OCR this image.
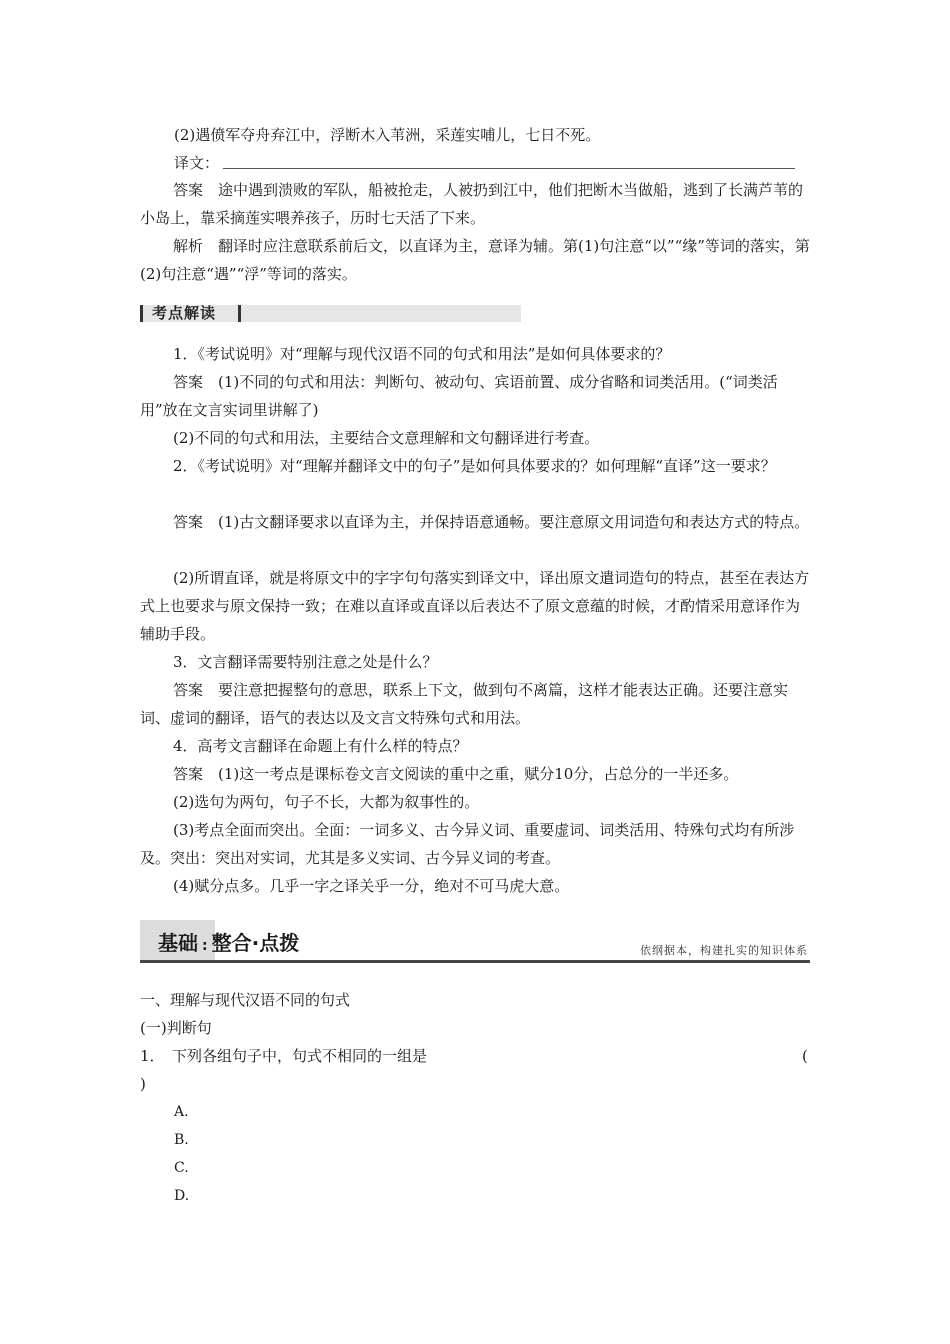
(2)遇偾军夺舟弃江中，浮断木入苇洲，采莲实哺儿，七日不死。
译文：
答案　途中遇到溃败的军队，船被抢走，人被扔到江中，他们把断木当做船，逃到了长满芦苇的小岛上，靠采摘莲实喂养孩子，历时七天活了下来。
解析　翻译时应注意联系前后文，以直译为主，意译为辅。第(1)句注意“以”“缘”等词的落实，第(2)句注意“遇”“浮”等词的落实。
考点解读
1．《考试说明》对“理解与现代汉语不同的句式和用法”是如何具体要求的？
答案　(1)不同的句式和用法：判断句、被动句、宾语前置、成分省略和词类活用。(“词类活用”放在文言实词里讲解了)
(2)不同的句式和用法，主要结合文意理解和文句翻译进行考查。
2．《考试说明》对“理解并翻译文中的句子”是如何具体要求的？如何理解“直译”这一要求？
答案　(1)古文翻译要求以直译为主，并保持语意通畅。要注意原文用词造句和表达方式的特点。
(2)所谓直译，就是将原文中的字字句句落实到译文中，译出原文遣词造句的特点，甚至在表达方式上也要求与原文保持一致；在难以直译或直译以后表达不了原文意蕴的时候，才酌情采用意译作为辅助手段。
3．文言翻译需要特别注意之处是什么？
答案　要注意把握整句的意思，联系上下文，做到句不离篇，这样才能表达正确。还要注意实词、虚词的翻译，语气的表达以及文言文特殊句式和用法。
4．高考文言翻译在命题上有什么样的特点？
答案　(1)这一考点是课标卷文言文阅读的重中之重，赋分10分，占总分的一半还多。
(2)选句为两句，句子不长，大都为叙事性的。
(3)考点全面而突出。全面：一词多义、古今异义词、重要虚词、词类活用、特殊句式均有所涉及。突出：突出对实词，尤其是多义实词、古今异义词的考查。
(4)赋分点多。几乎一字之译关乎一分，绝对不可马虎大意。
基础 : 整合·点拨	依纲据本，构建扎实的知识体系
一、理解与现代汉语不同的句式
(一)判断句
1．　下列各组句子中，句式不相同的一组是	(
)
A.
B.
C.
D.
